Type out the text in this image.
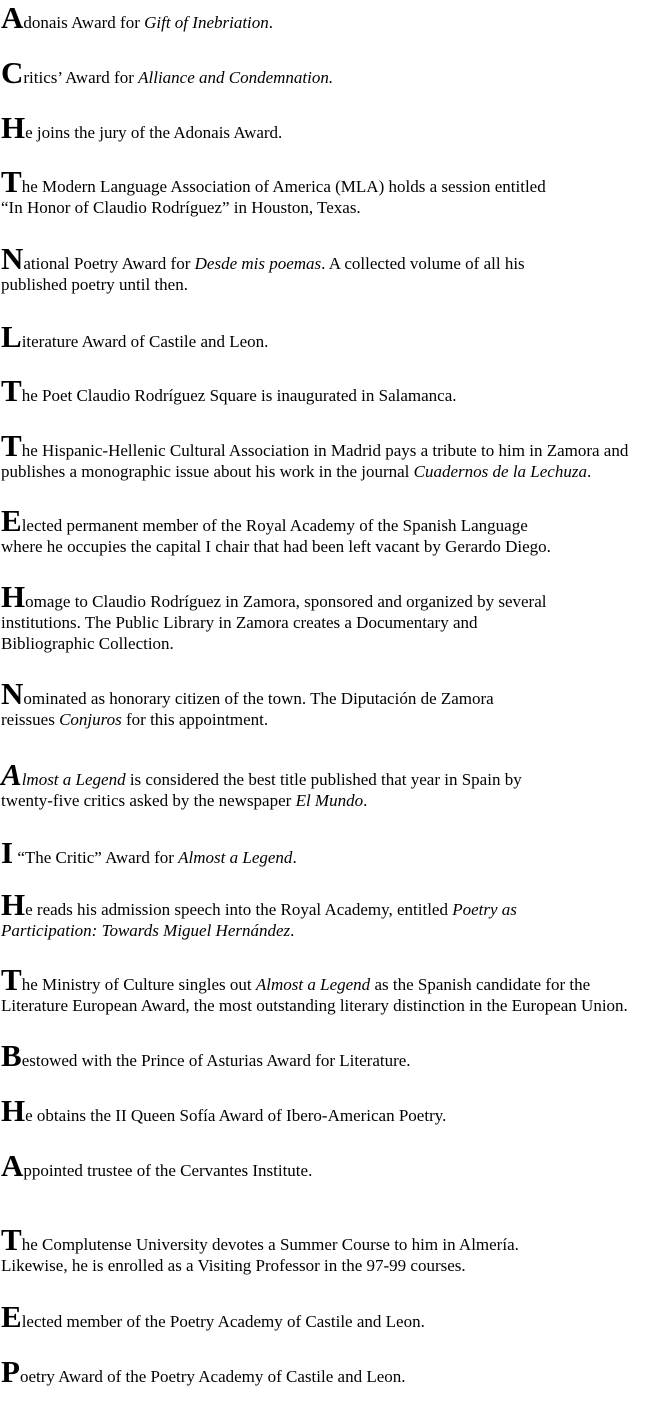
Adonais Award for Gift of Inebriation.
Critics’ Award for Alliance and Condemnation.
He joins the jury of the Adonais Award.
The Modern Language Association of America (MLA) holds a session entitled
“In Honor of Claudio Rodríguez” in Houston, Texas.
National Poetry Award for Desde mis poemas. A collected volume of all his
published poetry until then.
Literature Award of Castile and Leon.
The Poet Claudio Rodríguez Square is inaugurated in Salamanca.
The Hispanic-Hellenic Cultural Association in Madrid pays a tribute to him in Zamora and
publishes a monographic issue about his work in the journal Cuadernos de la Lechuza.
Elected permanent member of the Royal Academy of the Spanish Language
where he occupies the capital I chair that had been left vacant by Gerardo Diego.
Homage to Claudio Rodríguez in Zamora, sponsored and organized by several
institutions. The Public Library in Zamora creates a Documentary and
Bibliographic Collection.
Nominated as honorary citizen of the town. The Diputación de Zamora
reissues Conjuros for this appointment.
Almost a Legend is considered the best title published that year in Spain by
twenty-five critics asked by the newspaper El Mundo.
I “The Critic” Award for Almost a Legend.
He reads his admission speech into the Royal Academy, entitled Poetry as
Participation: Towards Miguel Hernández.
The Ministry of Culture singles out Almost a Legend as the Spanish candidate for the
Literature European Award, the most outstanding literary distinction in the European Union.
Bestowed with the Prince of Asturias Award for Literature.
He obtains the II Queen Sofía Award of Ibero-American Poetry.
Appointed trustee of the Cervantes Institute.
The Complutense University devotes a Summer Course to him in Almería.
Likewise, he is enrolled as a Visiting Professor in the 97-99 courses.
Elected member of the Poetry Academy of Castile and Leon.
Poetry Award of the Poetry Academy of Castile and Leon.
